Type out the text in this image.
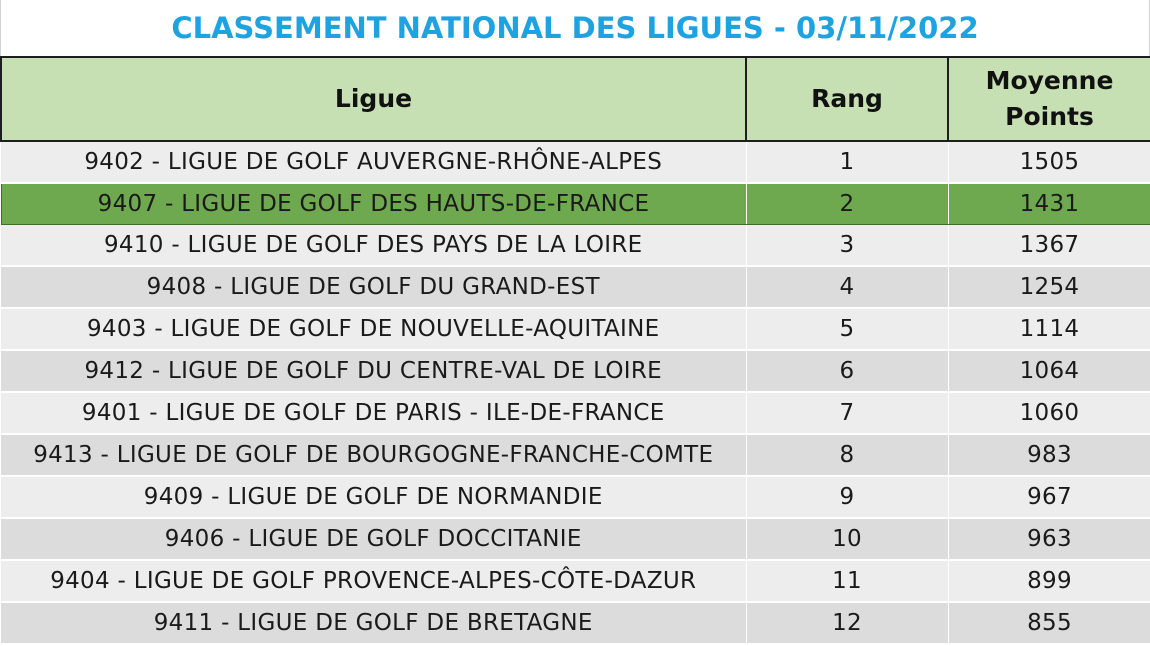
CLASSEMENT NATIONAL DES LIGUES - 03/11/2022
Ligue	Rang	Moyenne
Points

9402 - LIGUE DE GOLF AUVERGNE-RHÔNE-ALPES	1	1505
9407 - LIGUE DE GOLF DES HAUTS-DE-FRANCE	2	1431
9410 - LIGUE DE GOLF DES PAYS DE LA LOIRE	3	1367
9408 - LIGUE DE GOLF DU GRAND-EST	4	1254
9403 - LIGUE DE GOLF DE NOUVELLE-AQUITAINE	5	1114
9412 - LIGUE DE GOLF DU CENTRE-VAL DE LOIRE	6	1064
9401 - LIGUE DE GOLF DE PARIS - ILE-DE-FRANCE	7	1060
9413 - LIGUE DE GOLF DE BOURGOGNE-FRANCHE-COMTE	8	983
9409 - LIGUE DE GOLF DE NORMANDIE	9	967
9406 - LIGUE DE GOLF DOCCITANIE	10	963
9404 - LIGUE DE GOLF PROVENCE-ALPES-CÔTE-DAZUR	11	899
9411 - LIGUE DE GOLF DE BRETAGNE	12	855
